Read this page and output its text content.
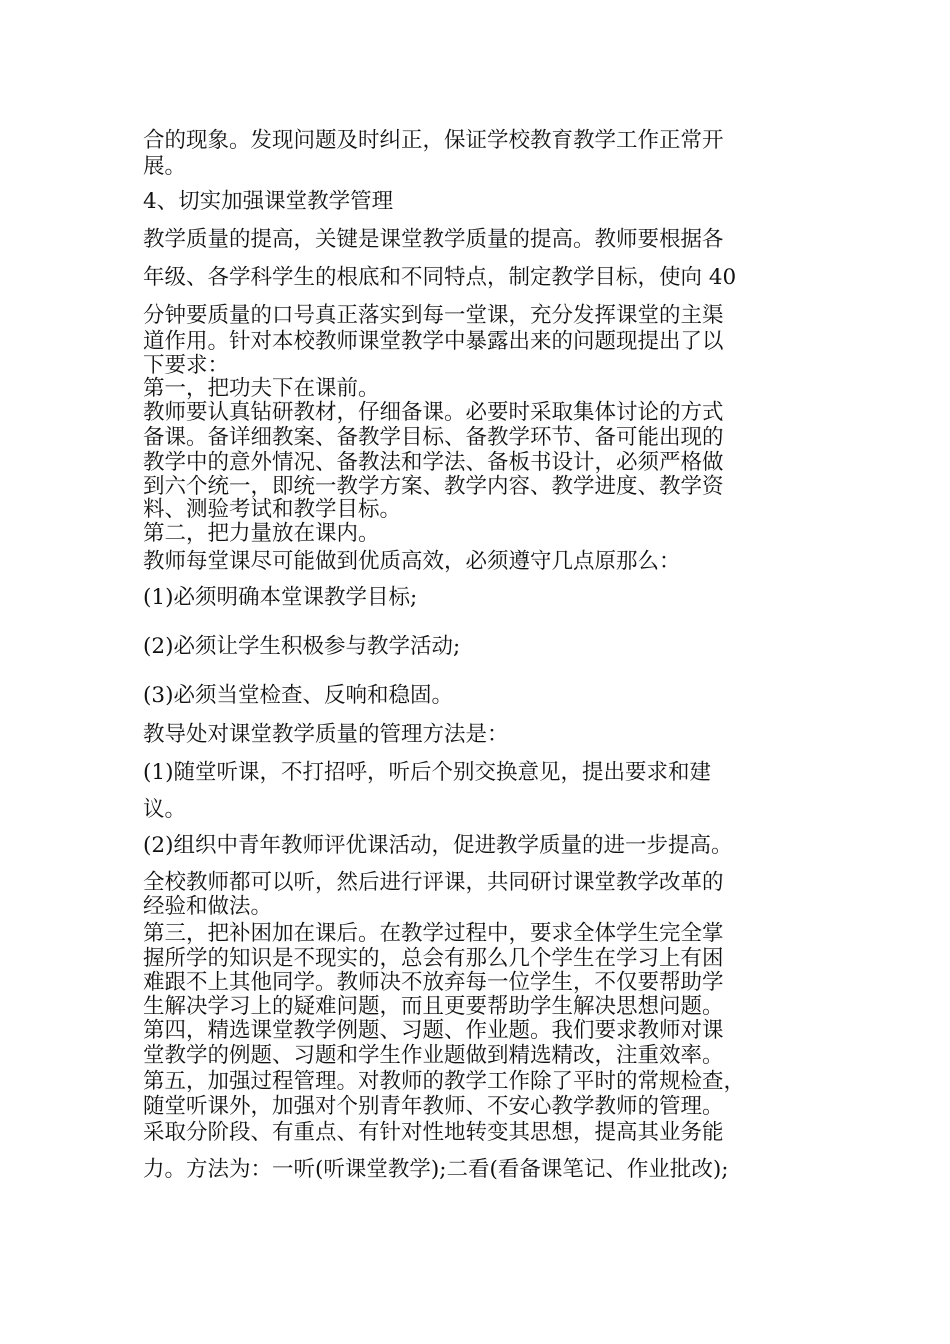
合的现象。发现问题及时纠正，保证学校教育教学工作正常开
展。
4、切实加强课堂教学管理
教学质量的提高，关键是课堂教学质量的提高。教师要根据各
年级、各学科学生的根底和不同特点，制定教学目标，使向 40
分钟要质量的口号真正落实到每一堂课，充分发挥课堂的主渠
道作用。针对本校教师课堂教学中暴露出来的问题现提出了以
下要求：
第一，把功夫下在课前。
教师要认真钻研教材，仔细备课。必要时采取集体讨论的方式
备课。备详细教案、备教学目标、备教学环节、备可能出现的
教学中的意外情况、备教法和学法、备板书设计，必须严格做
到六个统一，即统一教学方案、教学内容、教学进度、教学资
料、测验考试和教学目标。
第二，把力量放在课内。
教师每堂课尽可能做到优质高效，必须遵守几点原那么：
(1)必须明确本堂课教学目标;
(2)必须让学生积极参与教学活动;
(3)必须当堂检查、反响和稳固。
教导处对课堂教学质量的管理方法是：
(1)随堂听课，不打招呼，听后个别交换意见，提出要求和建
议。
(2)组织中青年教师评优课活动，促进教学质量的进一步提高。
全校教师都可以听，然后进行评课，共同研讨课堂教学改革的
经验和做法。
第三，把补困加在课后。在教学过程中，要求全体学生完全掌
握所学的知识是不现实的，总会有那么几个学生在学习上有困
难跟不上其他同学。教师决不放弃每一位学生，不仅要帮助学
生解决学习上的疑难问题，而且更要帮助学生解决思想问题。
第四，精选课堂教学例题、习题、作业题。我们要求教师对课
堂教学的例题、习题和学生作业题做到精选精改，注重效率。
第五，加强过程管理。对教师的教学工作除了平时的常规检查，
随堂听课外，加强对个别青年教师、不安心教学教师的管理。
采取分阶段、有重点、有针对性地转变其思想，提高其业务能
力。方法为：一听(听课堂教学);二看(看备课笔记、作业批改);
